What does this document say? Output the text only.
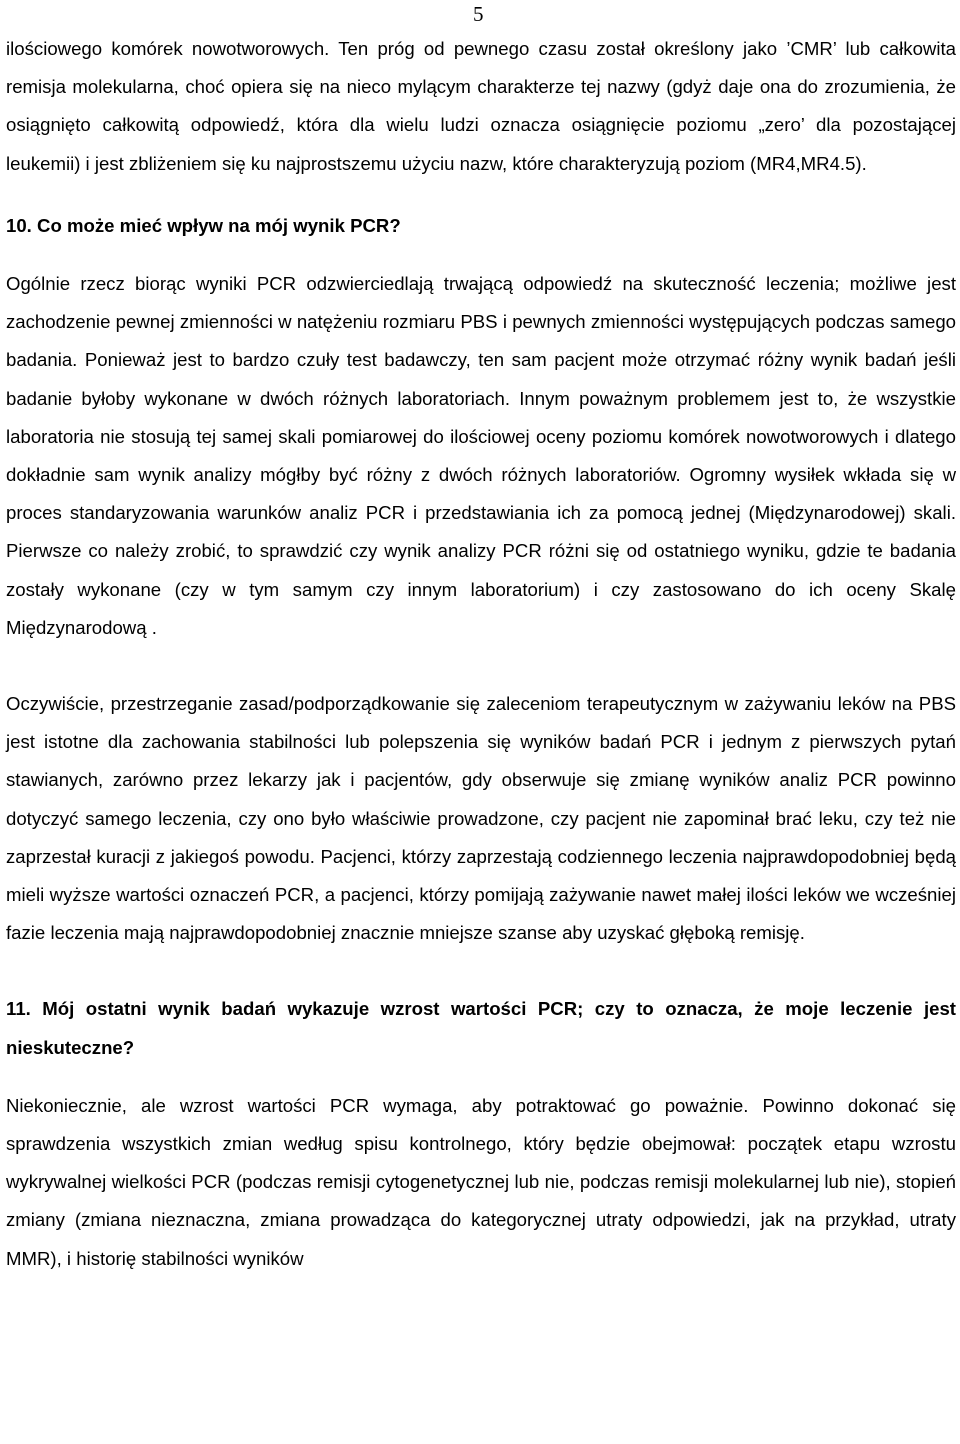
5

ilościowego komórek nowotworowych. Ten próg od pewnego czasu został określony jako ’CMR’ lub całkowita remisja molekularna, choć opiera się na nieco mylącym charakterze tej nazwy (gdyż daje ona do zrozumienia, że osiągnięto całkowitą odpowiedź, która dla wielu ludzi oznacza osiągnięcie poziomu „zero’ dla pozostającej leukemii) i jest zbliżeniem się ku najprostszemu użyciu nazw, które charakteryzują poziom (MR4,MR4.5).

10. Co może mieć wpływ na mój wynik PCR?

Ogólnie rzecz biorąc wyniki PCR odzwierciedlają trwającą odpowiedź na skuteczność leczenia; możliwe jest zachodzenie pewnej zmienności w natężeniu rozmiaru PBS i pewnych zmienności występujących podczas samego badania. Ponieważ jest to bardzo czuły test badawczy, ten sam pacjent może otrzymać różny wynik badań jeśli badanie byłoby wykonane w dwóch różnych laboratoriach. Innym poważnym problemem jest to, że wszystkie laboratoria nie stosują tej samej skali pomiarowej do ilościowej oceny poziomu komórek nowotworowych i dlatego dokładnie sam wynik analizy mógłby być różny z dwóch różnych laboratoriów. Ogromny wysiłek wkłada się w proces standaryzowania warunków analiz PCR i przedstawiania ich za pomocą jednej (Międzynarodowej) skali. Pierwsze co należy zrobić, to sprawdzić czy wynik analizy PCR różni się od ostatniego wyniku, gdzie te badania zostały wykonane (czy w tym samym czy innym laboratorium) i czy zastosowano do ich oceny Skalę Międzynarodową .

Oczywiście, przestrzeganie zasad/podporządkowanie się zaleceniom terapeutycznym w zażywaniu leków na PBS jest istotne dla zachowania stabilności lub polepszenia się wyników badań PCR i jednym z pierwszych pytań stawianych, zarówno przez lekarzy jak i pacjentów, gdy obserwuje się zmianę wyników analiz PCR powinno dotyczyć samego leczenia, czy ono było właściwie prowadzone, czy pacjent nie zapominał brać leku, czy też nie zaprzestał kuracji z jakiegoś powodu. Pacjenci, którzy zaprzestają codziennego leczenia najprawdopodobniej będą mieli wyższe wartości oznaczeń PCR, a pacjenci, którzy pomijają zażywanie nawet małej ilości leków we wcześniej fazie leczenia mają najprawdopodobniej znacznie mniejsze szanse aby uzyskać głęboką remisję.

11. Mój ostatni wynik badań wykazuje wzrost wartości PCR; czy to oznacza, że moje leczenie jest nieskuteczne?

Niekoniecznie, ale wzrost wartości PCR wymaga, aby potraktować go poważnie. Powinno dokonać się sprawdzenia wszystkich zmian według spisu kontrolnego, który będzie obejmował: początek etapu wzrostu wykrywalnej wielkości PCR (podczas remisji cytogenetycznej lub nie, podczas remisji molekularnej lub nie), stopień zmiany (zmiana nieznaczna, zmiana prowadząca do kategorycznej utraty odpowiedzi, jak na przykład, utraty MMR), i historię stabilności wyników
